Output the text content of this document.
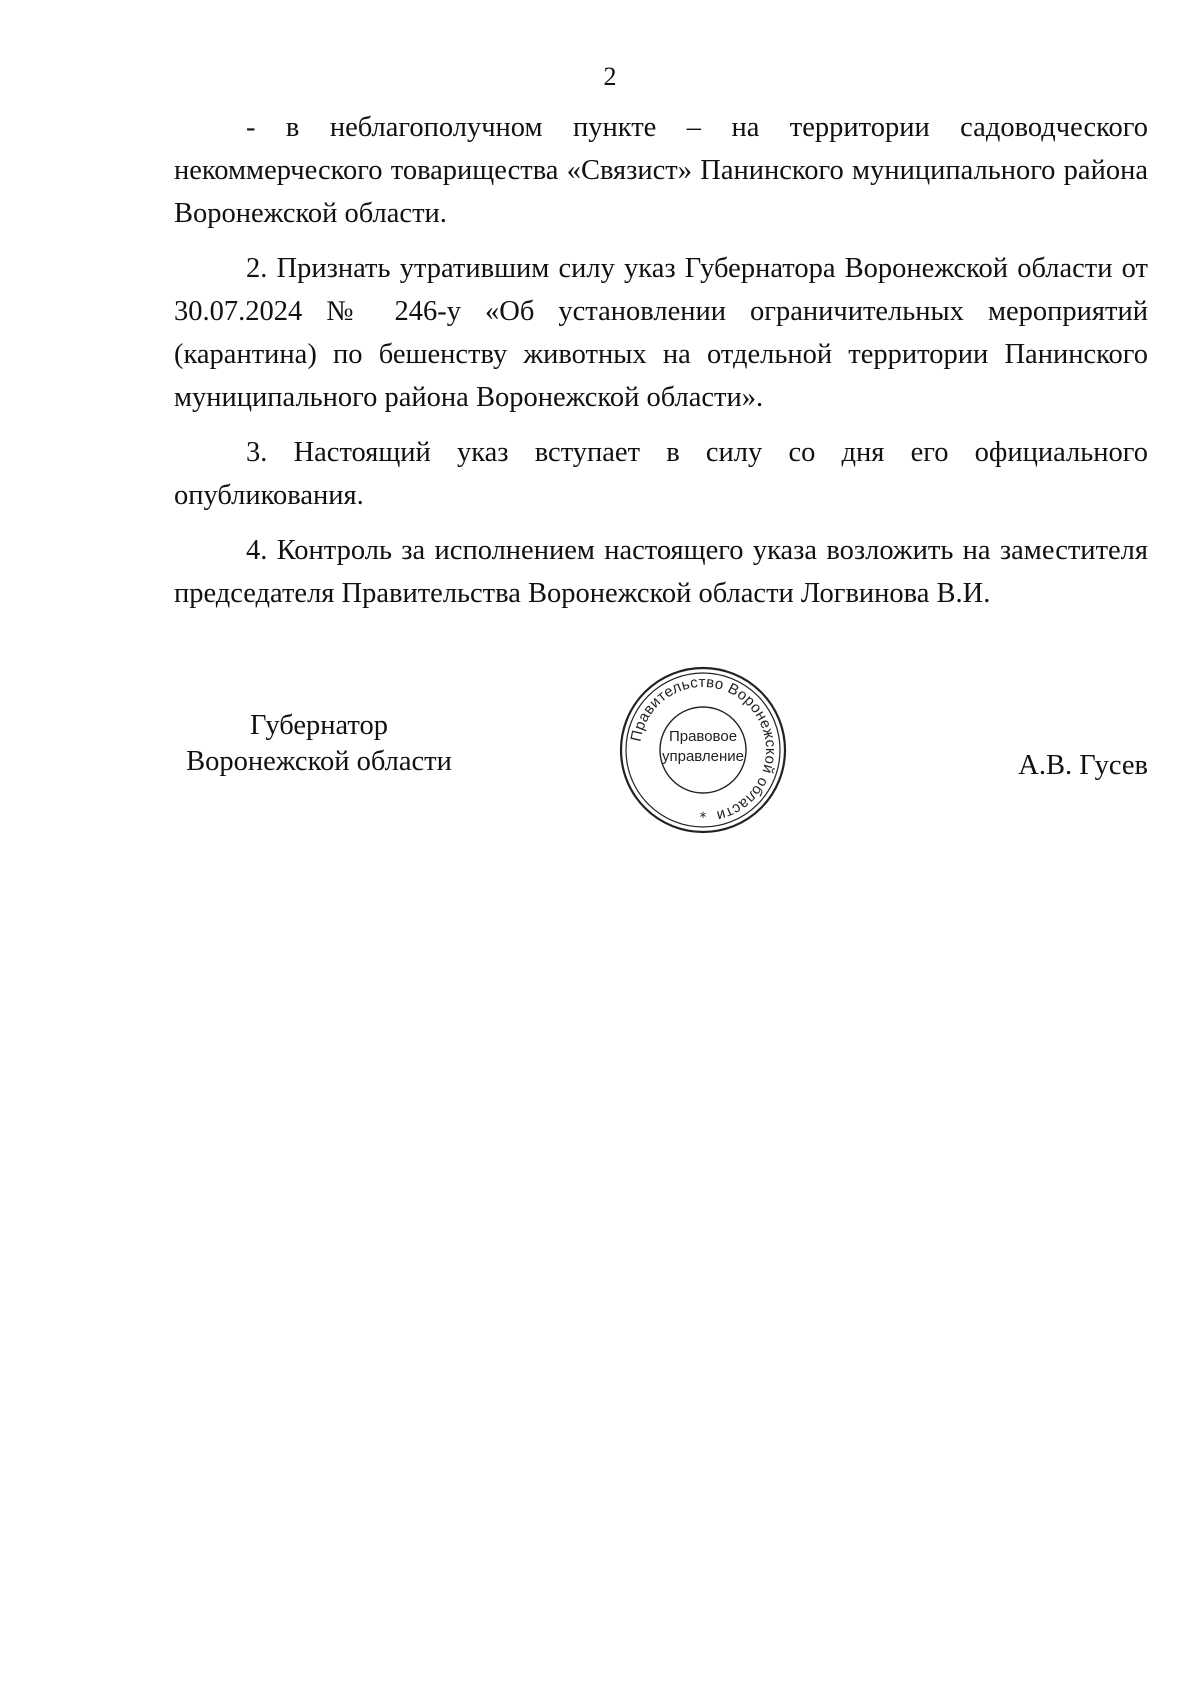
2

- в неблагополучном пункте – на территории садоводческого некоммерческого товарищества «Связист» Панинского муниципального района Воронежской области.

2. Признать утратившим силу указ Губернатора Воронежской области от 30.07.2024 № 246-у «Об установлении ограничительных мероприятий (карантина) по бешенству животных на отдельной территории Панинского муниципального района Воронежской области».

3. Настоящий указ вступает в силу со дня его официального опубликования.

4. Контроль за исполнением настоящего указа возложить на заместителя председателя Правительства Воронежской области Логвинова В.И.

Губернатор
Воронежской области
Правительство Воронежской области
*
Правовое
управление	А.В. Гусев
